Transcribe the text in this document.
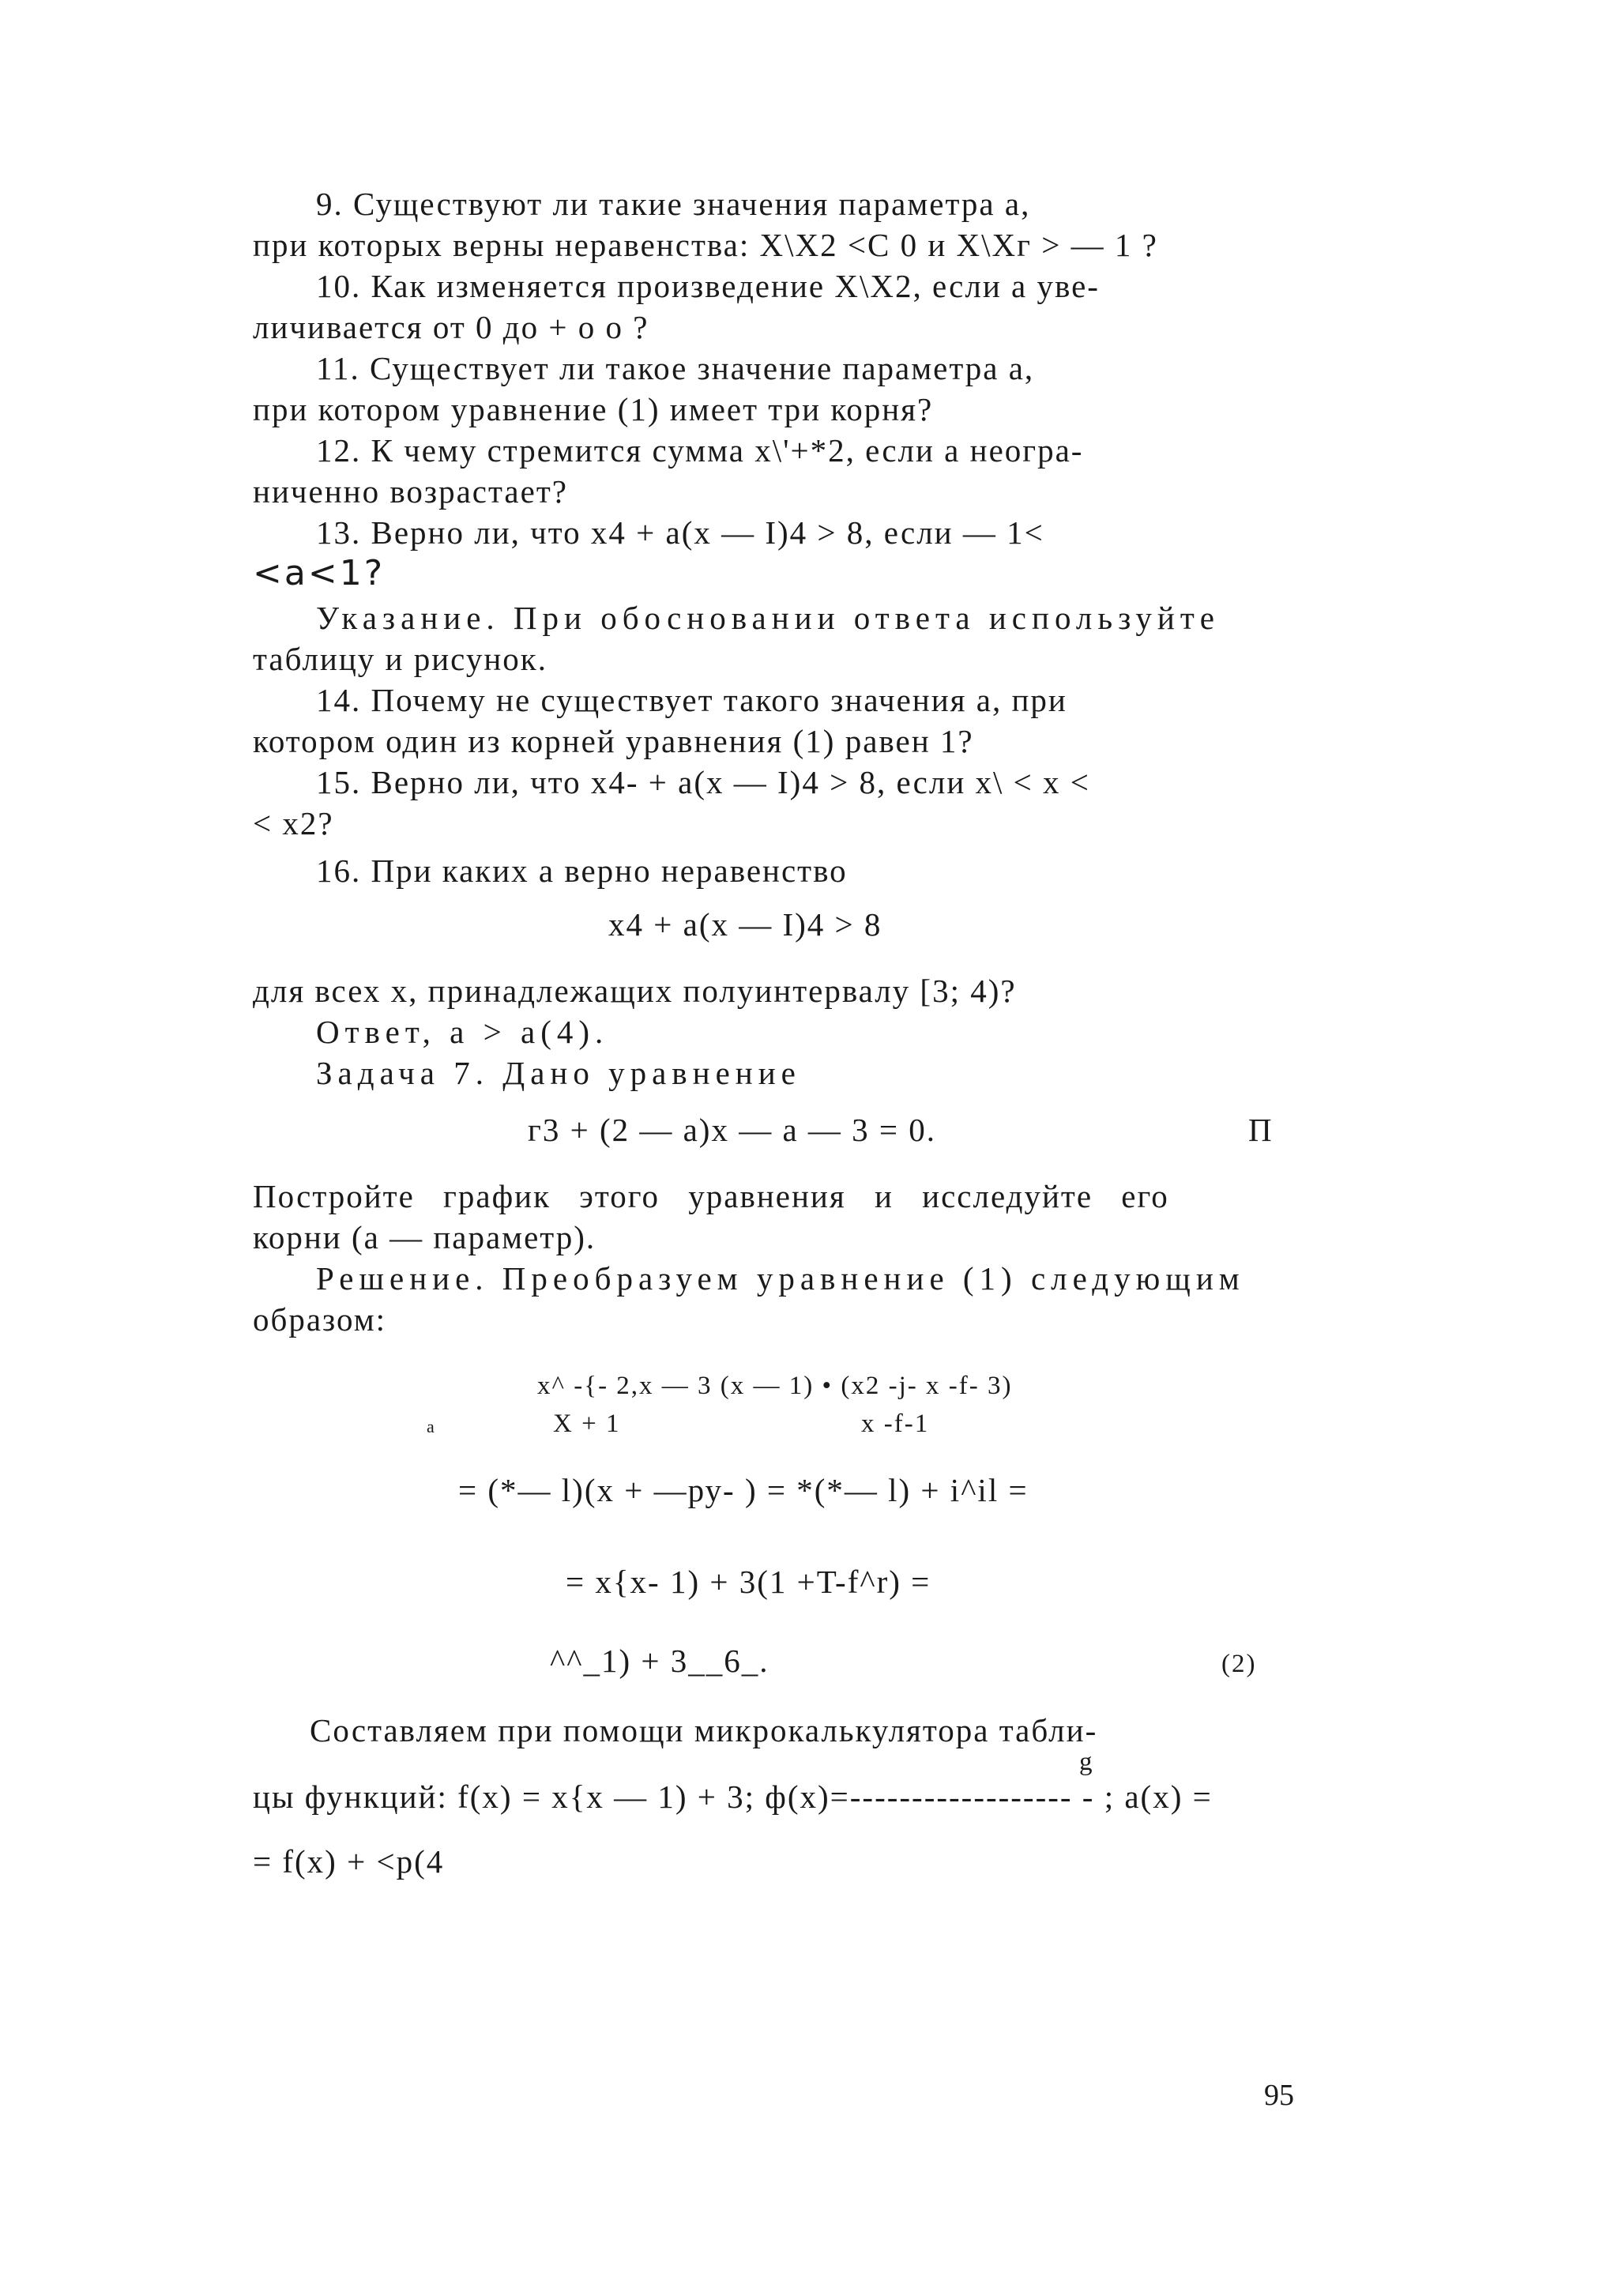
9. Существуют ли такие значения параметра a,
при которых верны неравенства: X\X2 <C 0 и X\Xг > — 1 ?
10. Как изменяется произведение X\X2, если a уве-
личивается от 0 до + о о ?
11. Существует ли такое значение параметра а,
при котором уравнение (1) имеет три корня?
12. К чему стремится сумма x\'+*2, если a неогра-
ниченно возрастает?
13. Верно ли, что x4 + a(x — I)4 > 8, если — 1<
<a<1?
Указание. При обосновании ответа используйте
таблицу и рисунок.
14. Почему не существует такого значения а, при
котором один из корней уравнения (1) равен 1?
15. Верно ли, что x4- + a(x — I)4 > 8, если x\ < x <
< x2?
16. При каких a верно неравенство
x4 + a(x — I)4 > 8
для всех x, принадлежащих полуинтервалу [3; 4)?
Ответ, a > a(4).
Задача 7. Дано уравнение
г3 + (2 — a)x — а — 3 = 0.	П
Постройте график этого уравнения и исследуйте его
корни (a — параметр).
Решение. Преобразуем уравнение (1) следующим
образом:
x^ -{- 2,x — 3 (x — 1) • (x2 -j- x -f- 3)
a	X + 1	x -f-1
= (*— l)(x + —ру- ) = *(*— l) + i^il =
= x{x- 1) + 3(1 +T-f^r) =
^^_1) + 3__6_.	(2)
Составляем при помощи микрокалькулятора табли-
g
цы функций: f(x) = x{x — 1) + 3; ф(x)=------------------ - ; a(x) =
= f(x) + <p(4
95
